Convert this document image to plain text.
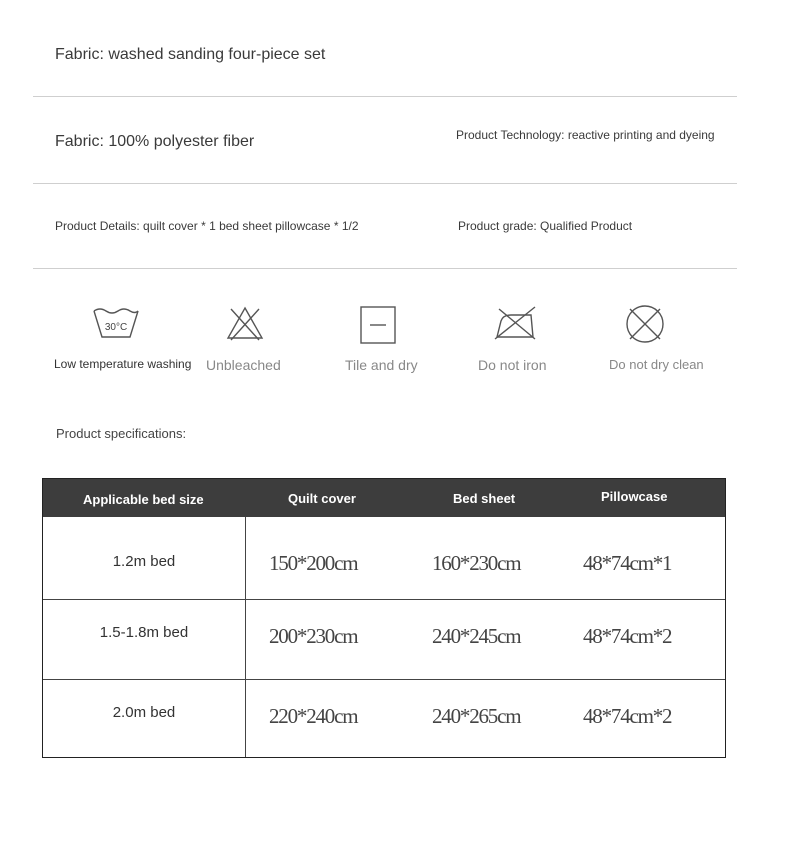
Fabric: washed sanding four-piece set
Fabric: 100% polyester fiber	Product Technology: reactive printing and dyeing
Product Details: quilt cover * 1 bed sheet pillowcase * 1/2	Product grade: Qualified Product
30°C
Low temperature washing Unbleached	Tile and dry	Do not iron	Do not dry clean
Product specifications:
Applicable bed size	Quilt cover	Bed sheet	Pillowcase
1.2m bed	150*200cm	160*230cm	48*74cm*1
1.5-1.8m bed	200*230cm	240*245cm	48*74cm*2
2.0m bed	220*240cm	240*265cm	48*74cm*2
